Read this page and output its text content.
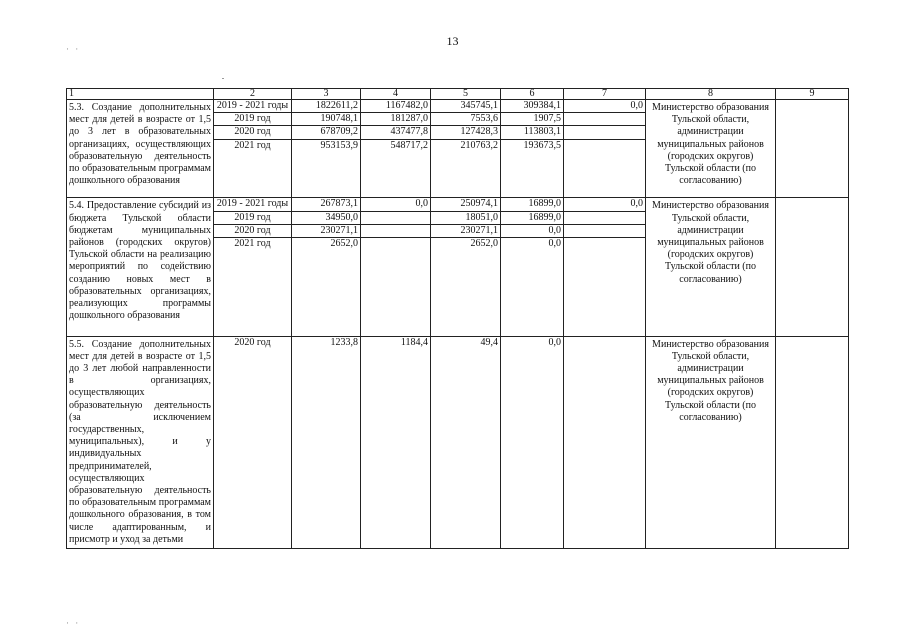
13
· ·
· ·
1	2	3	4	5	6	7	8	9
5.3. Создание дополнительных мест для детей в возрасте от 1,5 до 3 лет в образовательных организациях, осуществляющих образовательную деятельность по образовательным программам дошкольного образования	2019 - 2021 годы	1822611,2	1167482,0	345745,1	309384,1	0,0	Министерство образования Тульской области, администрации муниципальных районов (городских округов) Тульской области (по согласованию)	
	2019 год	190748,1	181287,0	7553,6	1907,5			
	2020 год	678709,2	437477,8	127428,3	113803,1			
	2021 год	953153,9	548717,2	210763,2	193673,5			

5.4. Предоставление субсидий из бюджета Тульской области бюджетам муниципальных районов (городских округов) Тульской области на реализацию мероприятий по содействию созданию новых мест в образовательных организациях, реализующих программы дошкольного образования	2019 - 2021 годы	267873,1	0,0	250974,1	16899,0	0,0	Министерство образования Тульской области, администрации муниципальных районов (городских округов) Тульской области (по согласованию)	
	2019 год	34950,0		18051,0	16899,0			
	2020 год	230271,1		230271,1	0,0			
	2021 год	2652,0		2652,0	0,0			

5.5. Создание дополнительных мест для детей в возрасте от 1,5 до 3 лет любой направленности в организациях, осуществляющих образовательную деятельность (за исключением государственных, муниципальных), и у индивидуальных предпринимателей, осуществляющих образовательную деятельность по образовательным программам дошкольного образования, в том числе адаптированным, и присмотр и уход за детьми	2020 год	1233,8	1184,4	49,4	0,0		Министерство образования Тульской области, администрации муниципальных районов (городских округов) Тульской области (по согласованию)	
